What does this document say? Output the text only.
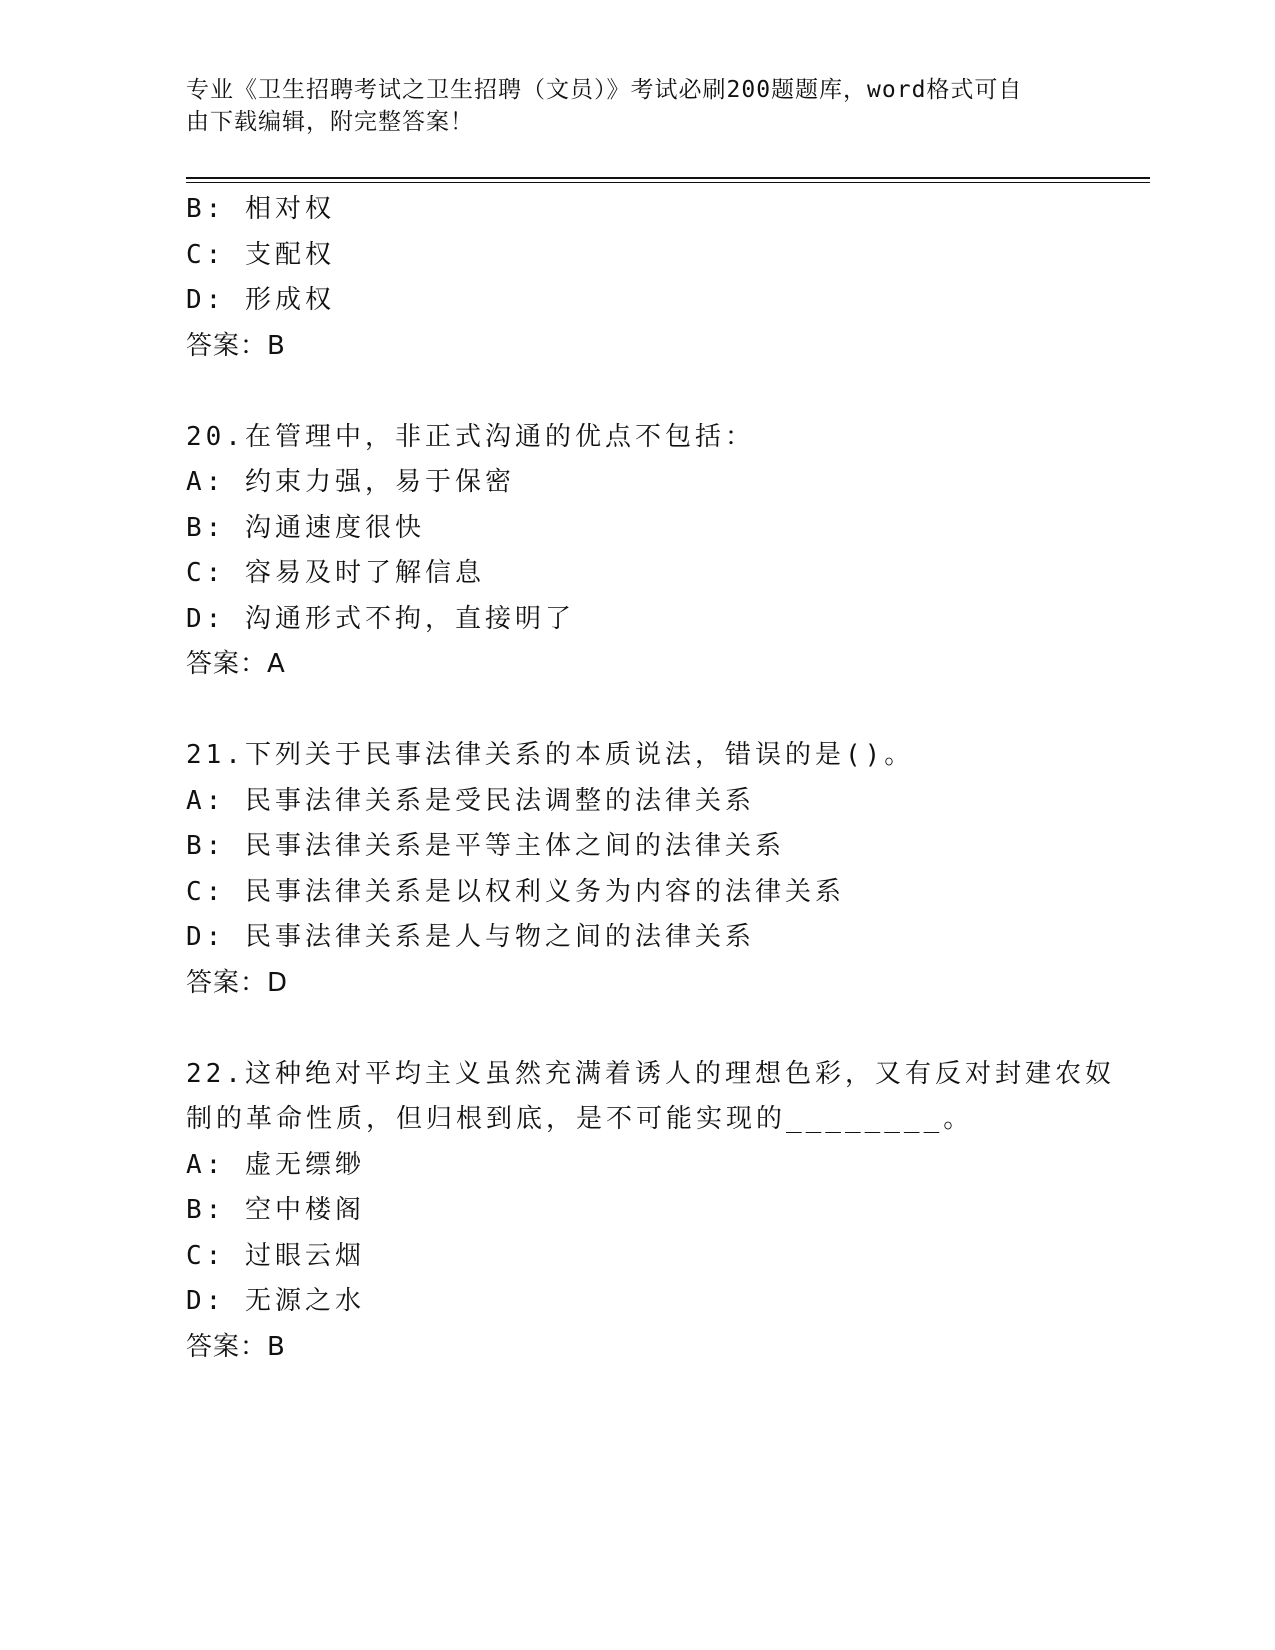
专业《卫生招聘考试之卫生招聘（文员）》考试必刷200题题库，word格式可自
由下载编辑，附完整答案！
B: 相对权
C: 支配权
D: 形成权
答案：B
20.在管理中，非正式沟通的优点不包括：
A: 约束力强，易于保密
B: 沟通速度很快
C: 容易及时了解信息
D: 沟通形式不拘，直接明了
答案：A
21.下列关于民事法律关系的本质说法，错误的是()。
A: 民事法律关系是受民法调整的法律关系
B: 民事法律关系是平等主体之间的法律关系
C: 民事法律关系是以权利义务为内容的法律关系
D: 民事法律关系是人与物之间的法律关系
答案：D
22.这种绝对平均主义虽然充满着诱人的理想色彩，又有反对封建农奴
制的革命性质，但归根到底，是不可能实现的________。
A: 虚无缥缈
B: 空中楼阁
C: 过眼云烟
D: 无源之水
答案：B
